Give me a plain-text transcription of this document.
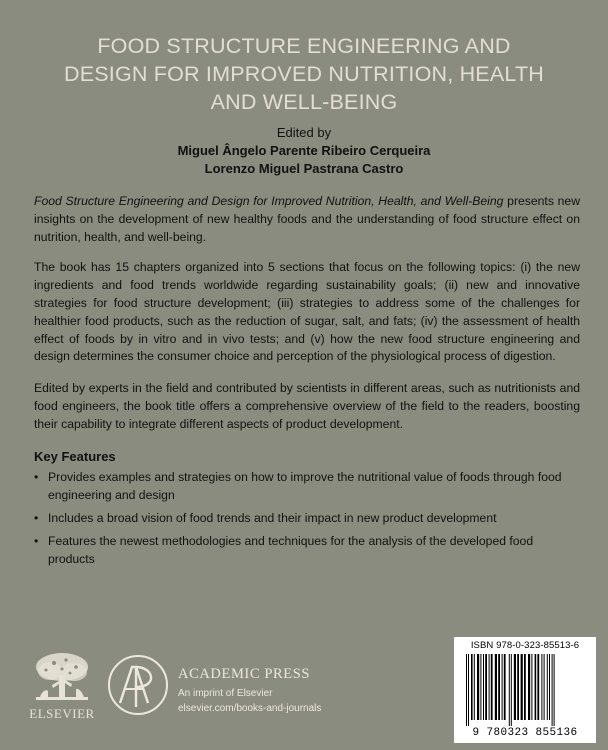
FOOD STRUCTURE ENGINEERING AND
DESIGN FOR IMPROVED NUTRITION, HEALTH
AND WELL-BEING
Edited by
Miguel Ângelo Parente Ribeiro Cerqueira
Lorenzo Miguel Pastrana Castro

Food Structure Engineering and Design for Improved Nutrition, Health, and Well-Being presents new insights on the development of new healthy foods and the understanding of food structure effect on nutrition, health, and well-being.

The book has 15 chapters organized into 5 sections that focus on the following topics: (i) the new ingredients and food trends worldwide regarding sustainability goals; (ii) new and innovative strategies for food structure development; (iii) strategies to address some of the challenges for healthier food products, such as the reduction of sugar, salt, and fats; (iv) the assessment of health effect of foods by in vitro and in vivo tests; and (v) how the new food structure engineering and design determines the consumer choice and perception of the physiological process of digestion.

Edited by experts in the field and contributed by scientists in different areas, such as nutritionists and food engineers, the book title offers a comprehensive overview of the field to the readers, boosting their capability to integrate different aspects of product development.

Key Features
• Provides examples and strategies on how to improve the nutritional value of foods through food engineering and design
• Includes a broad vision of food trends and their impact in new product development
• Features the newest methodologies and techniques for the analysis of the developed food products
ELSEVIER
ACADEMIC PRESS
An imprint of Elsevier
elsevier.com/books-and-journals
ISBN 978-0-323-85513-6
9 780323 855136
